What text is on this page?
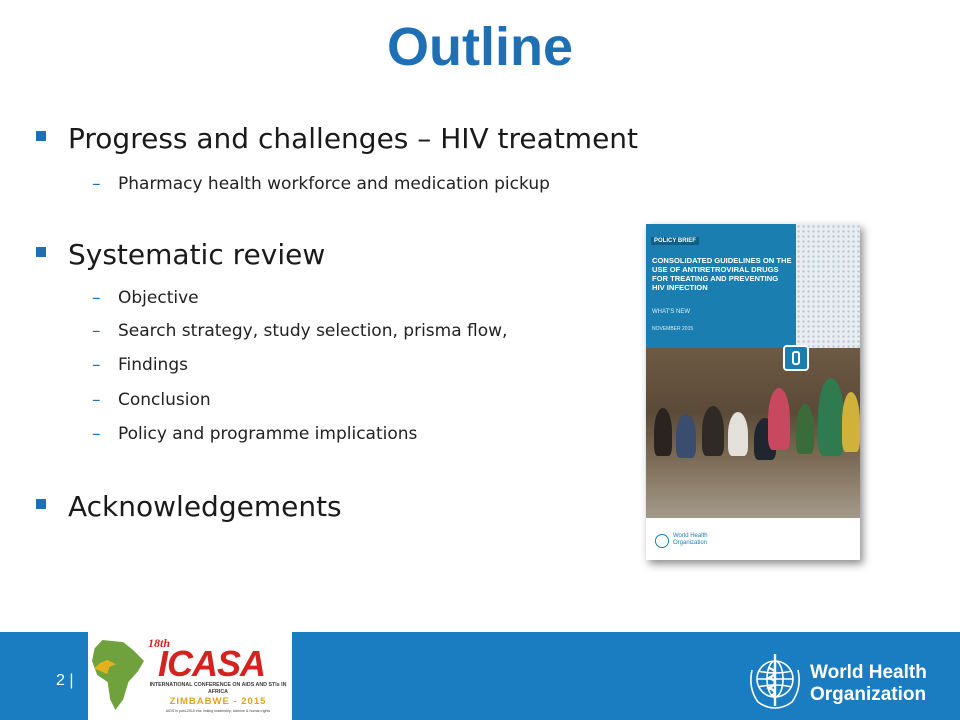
Outline
Progress and challenges – HIV treatment
– Pharmacy health workforce and medication pickup
Systematic review
– Objective
– Search strategy, study selection, prisma flow,
– Findings
– Conclusion
– Policy and programme implications
Acknowledgements
POLICY BRIEF
CONSOLIDATED GUIDELINES ON THE USE OF ANTIRETROVIRAL DRUGS FOR TREATING AND PREVENTING HIV INFECTION
WHAT'S NEW
NOVEMBER 2015
World Health
Organization
2 |
18th
ICASA
INTERNATIONAL CONFERENCE ON AIDS AND STIs IN AFRICA
ZIMBABWE - 2015
AIDS in post-2015 era: linking leadership, science & human rights
World Health
Organization
